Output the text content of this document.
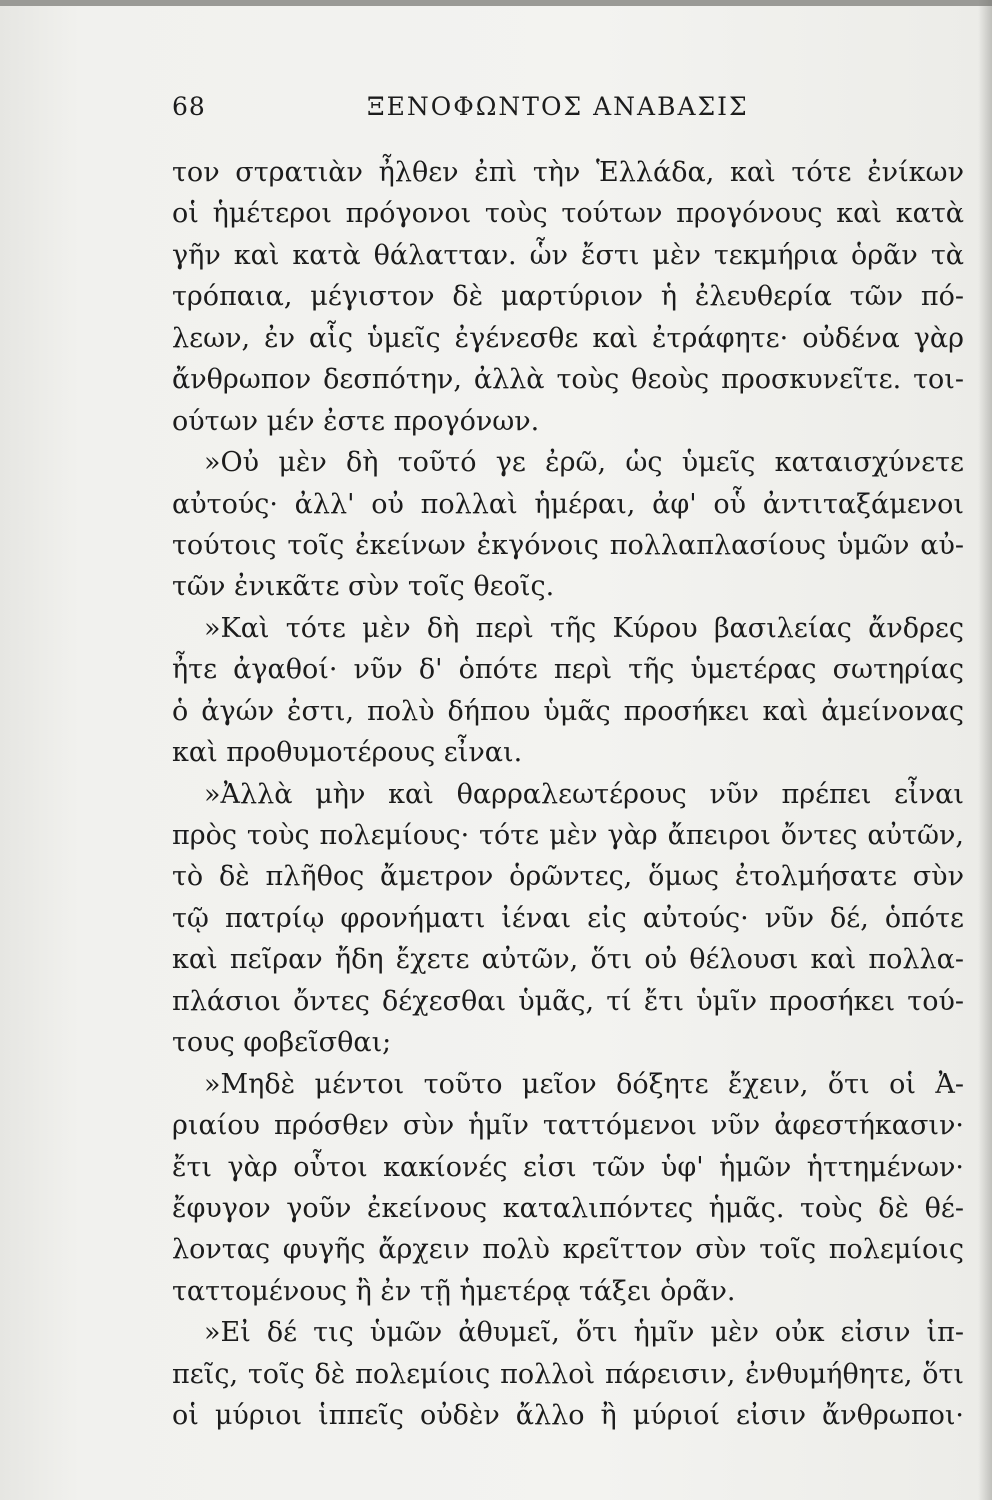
68	ΞΕΝΟΦΩΝΤΟΣ ΑΝΑΒΑΣΙΣ
τον στρατιὰν ἦλθεν ἐπὶ τὴν Ἑλλάδα, καὶ τότε ἐνίκων
οἱ ἡμέτεροι πρόγονοι τοὺς τούτων προγόνους καὶ κατὰ
γῆν καὶ κατὰ θάλατταν. ὧν ἔστι μὲν τεκμήρια ὁρᾶν τὰ
τρόπαια, μέγιστον δὲ μαρτύριον ἡ ἐλευθερία τῶν πό-
λεων, ἐν αἷς ὑμεῖς ἐγένεσθε καὶ ἐτράφητε· οὐδένα γὰρ
ἄνθρωπον δεσπότην, ἀλλὰ τοὺς θεοὺς προσκυνεῖτε. τοι-
ούτων μέν ἐστε προγόνων.
»Οὐ μὲν δὴ τοῦτό γε ἐρῶ, ὡς ὑμεῖς καταισχύνετε
αὐτούς· ἀλλ' οὐ πολλαὶ ἡμέραι, ἀφ' οὗ ἀντιταξάμενοι
τούτοις τοῖς ἐκείνων ἐκγόνοις πολλαπλασίους ὑμῶν αὐ-
τῶν ἐνικᾶτε σὺν τοῖς θεοῖς.
»Καὶ τότε μὲν δὴ περὶ τῆς Κύρου βασιλείας ἄνδρες
ἦτε ἀγαθοί· νῦν δ' ὁπότε περὶ τῆς ὑμετέρας σωτηρίας
ὁ ἀγών ἐστι, πολὺ δήπου ὑμᾶς προσήκει καὶ ἀμείνονας
καὶ προθυμοτέρους εἶναι.
»Ἀλλὰ μὴν καὶ θαρραλεωτέρους νῦν πρέπει εἶναι
πρὸς τοὺς πολεμίους· τότε μὲν γὰρ ἄπειροι ὄντες αὐτῶν,
τὸ δὲ πλῆθος ἄμετρον ὁρῶντες, ὅμως ἐτολμήσατε σὺν
τῷ πατρίῳ φρονήματι ἰέναι εἰς αὐτούς· νῦν δέ, ὁπότε
καὶ πεῖραν ἤδη ἔχετε αὐτῶν, ὅτι οὐ θέλουσι καὶ πολλα-
πλάσιοι ὄντες δέχεσθαι ὑμᾶς, τί ἔτι ὑμῖν προσήκει τού-
τους φοβεῖσθαι;
»Μηδὲ μέντοι τοῦτο μεῖον δόξητε ἔχειν, ὅτι οἱ Ἀ-
ριαίου πρόσθεν σὺν ἡμῖν ταττόμενοι νῦν ἀφεστήκασιν·
ἔτι γὰρ οὗτοι κακίονές εἰσι τῶν ὑφ' ἡμῶν ἡττημένων·
ἔφυγον γοῦν ἐκείνους καταλιπόντες ἡμᾶς. τοὺς δὲ θέ-
λοντας φυγῆς ἄρχειν πολὺ κρεῖττον σὺν τοῖς πολεμίοις
ταττομένους ἢ ἐν τῇ ἡμετέρᾳ τάξει ὁρᾶν.
»Εἰ δέ τις ὑμῶν ἀθυμεῖ, ὅτι ἡμῖν μὲν οὐκ εἰσιν ἱπ-
πεῖς, τοῖς δὲ πολεμίοις πολλοὶ πάρεισιν, ἐνθυμήθητε, ὅτι
οἱ μύριοι ἱππεῖς οὐδὲν ἄλλο ἢ μύριοί εἰσιν ἄνθρωποι·
